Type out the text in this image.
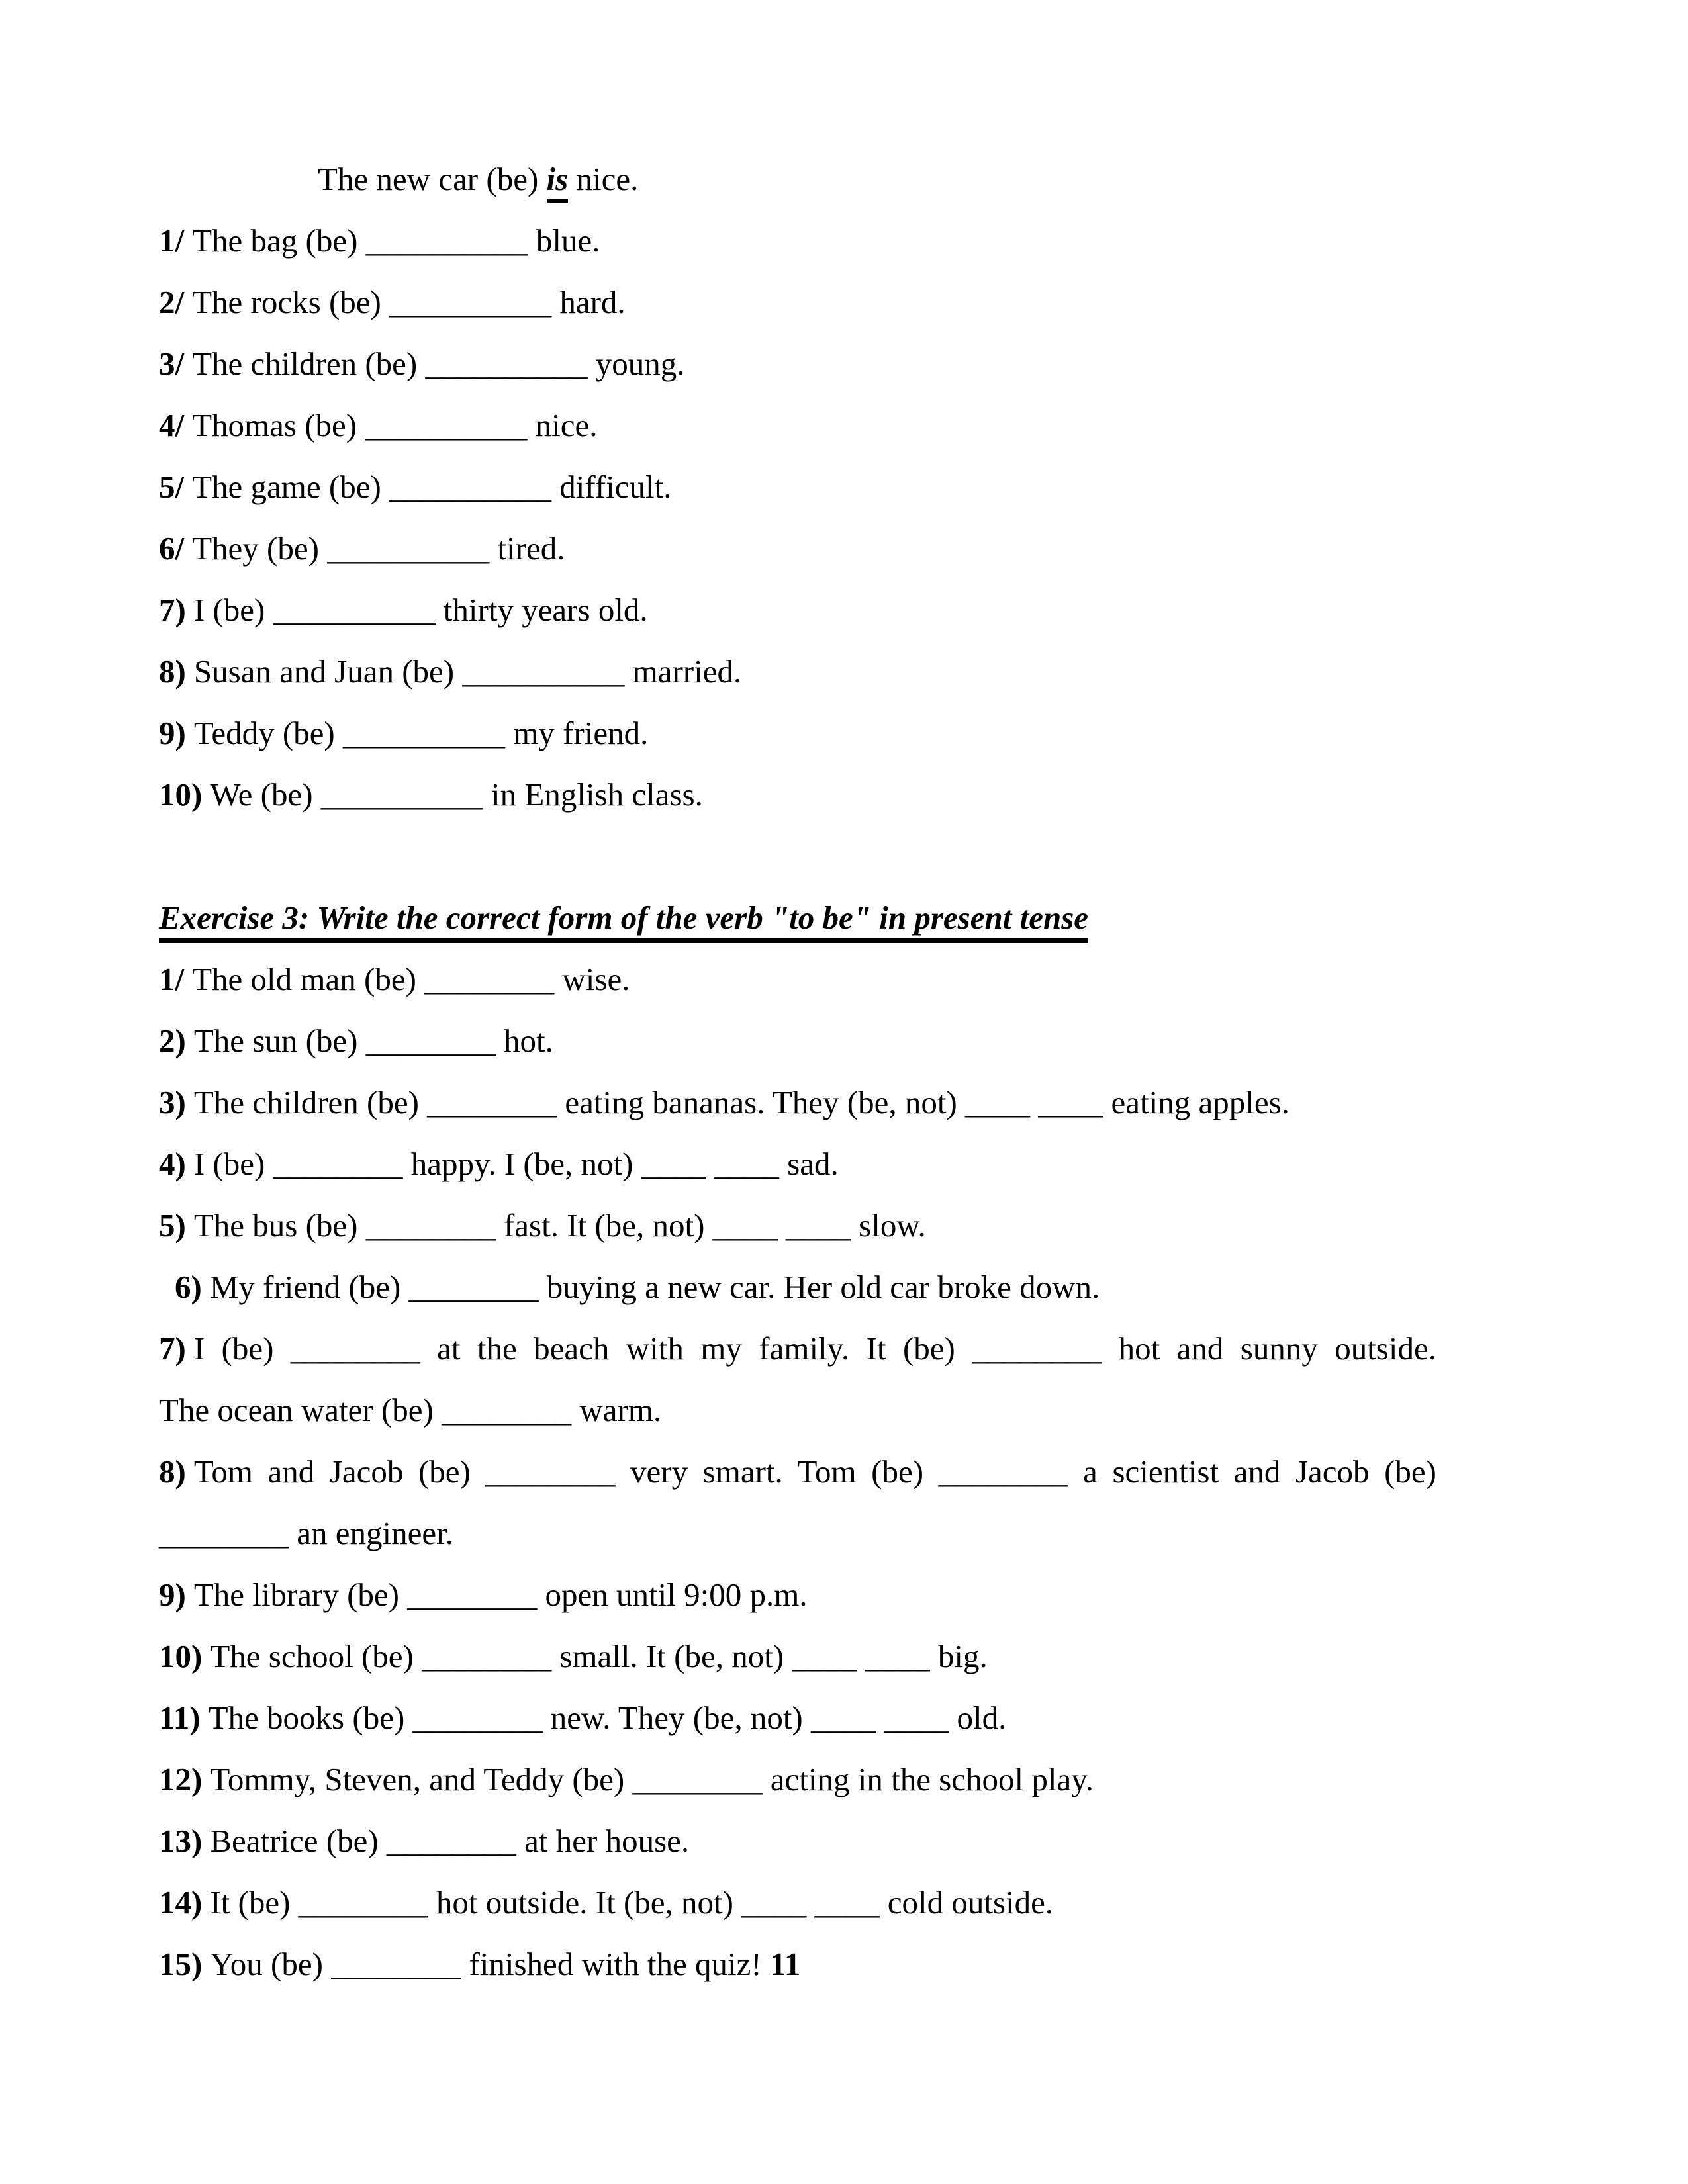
The new car (be) is nice.

1/ The bag (be) __________ blue.

2/ The rocks (be) __________ hard.

3/ The children (be) __________ young.

4/ Thomas (be) __________ nice.

5/ The game (be) __________ difficult.

6/ They (be) __________ tired.

7) I (be) __________ thirty years old.

8) Susan and Juan (be) __________ married.

9) Teddy (be) __________ my friend.

10) We (be) __________ in English class.

Exercise 3: Write the correct form of the verb "to be" in present tense

1/ The old man (be) ________ wise.

2) The sun (be) ________ hot.

3) The children (be) ________ eating bananas. They (be, not) ____ ____ eating apples.

4) I (be) ________ happy. I (be, not) ____ ____ sad.

5) The bus (be) ________ fast. It (be, not) ____ ____ slow.

6) My friend (be) ________ buying a new car. Her old car broke down.

7) I (be) ________ at the beach with my family. It (be) ________ hot and sunny outside.

The ocean water (be) ________ warm.

8) Tom and Jacob (be) ________ very smart. Tom (be) ________ a scientist and Jacob (be)

________ an engineer.

9) The library (be) ________ open until 9:00 p.m.

10) The school (be) ________ small. It (be, not) ____ ____ big.

11) The books (be) ________ new. They (be, not) ____ ____ old.

12) Tommy, Steven, and Teddy (be) ________ acting in the school play.

13) Beatrice (be) ________ at her house.

14) It (be) ________ hot outside. It (be, not) ____ ____ cold outside.

15) You (be) ________ finished with the quiz! 11
